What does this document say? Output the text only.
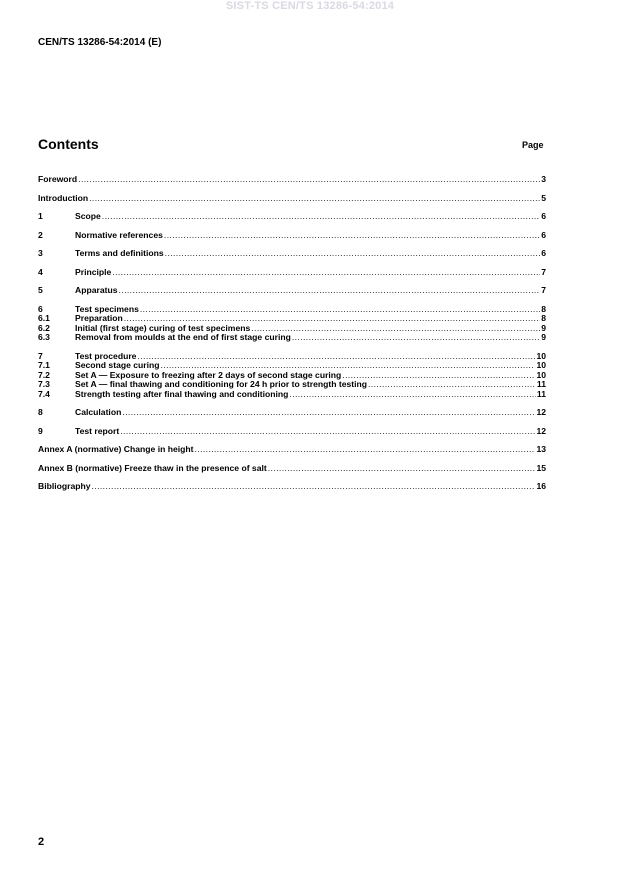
SIST-TS CEN/TS 13286-54:2014
CEN/TS 13286-54:2014 (E)
Contents	Page
Foreword .....	3
Introduction .....	5
1	Scope .....	6
2	Normative references .....	6
3	Terms and definitions .....	6
4	Principle .....	7
5	Apparatus .....	7
6	Test specimens .....	8
6.1	Preparation .....	8
6.2	Initial (first stage) curing of test specimens .....	9
6.3	Removal from moulds at the end of first stage curing .....	9
7	Test procedure .....	10
7.1	Second stage curing .....	10
7.2	Set A — Exposure to freezing after 2 days of second stage curing .....	10
7.3	Set A — final thawing and conditioning for 24 h prior to strength testing .....	11
7.4	Strength testing after final thawing and conditioning .....	11
8	Calculation .....	12
9	Test report .....	12
Annex A (normative) Change in height .....	13
Annex B (normative) Freeze thaw in the presence of salt .....	15
Bibliography .....	16
2
